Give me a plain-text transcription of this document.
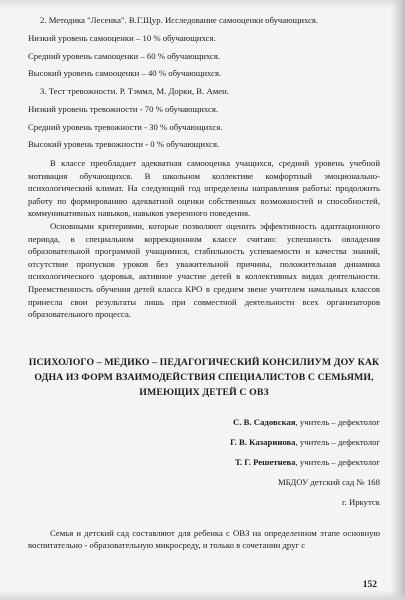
2. Методика "Лесенка". В.Г.Щур. Исследование самооценки обучающихся.
Низкий уровень самооценки – 10 % обучающихся.
Средний уровень самооценки – 60 % обучающихся.
Высокий уровень самооценки – 40 % обучающихся.
3. Тест тревожности. Р. Тэммл, М. Дорки, В. Амен.
Низкий уровень тревожности - 70 % обучающихся.
Средний уровень тревожности - 30 % обучающихся.
Высокий уровень тревожности - 0 % обучающихся.

В классе преобладает адекватная самооценка учащихся, средний уровень учебной мотивация обучающихся. В школьном коллективе комфортный эмоционально-психологический климат. На следующий год определены направления работы: продолжить работу по формированию адекватной оценки собственных возможностей и способностей, коммуникативных навыков, навыков уверенного поведения.

Основными критериями, которые позволяют оценить эффективность адаптационного периода, в специальном коррекционном классе считаю: успешность овладения образовательной программой учащимися, стабильность успеваемости и качества знаний, отсутствие пропусков уроков без уважительной причины, положительная динамика психологического здоровья, активное участие детей в коллективных видах деятельности. Преемственность обучения детей класса КРО в среднем звене учителем начальных классов принесла свои результаты лишь при совместной деятельности всех организаторов образовательного процесса.

ПСИХОЛОГО – МЕДИКО – ПЕДАГОГИЧЕСКИЙ КОНСИЛИУМ ДОУ КАК ОДНА ИЗ ФОРМ ВЗАИМОДЕЙСТВИЯ СПЕЦИАЛИСТОВ С СЕМЬЯМИ, ИМЕЮЩИХ ДЕТЕЙ С ОВЗ
С. В. Садовская, учитель – дефектолог
Г. В. Казаринова, учитель – дефектолог
Т. Г. Решетнева, учитель – дефектолог
МБДОУ детский сад № 168
г. Иркутск

Семья и детский сад составляют для ребенка с ОВЗ на определенном этапе основную воспитательно - образовательную микросреду, и только в сочетании друг с

152
